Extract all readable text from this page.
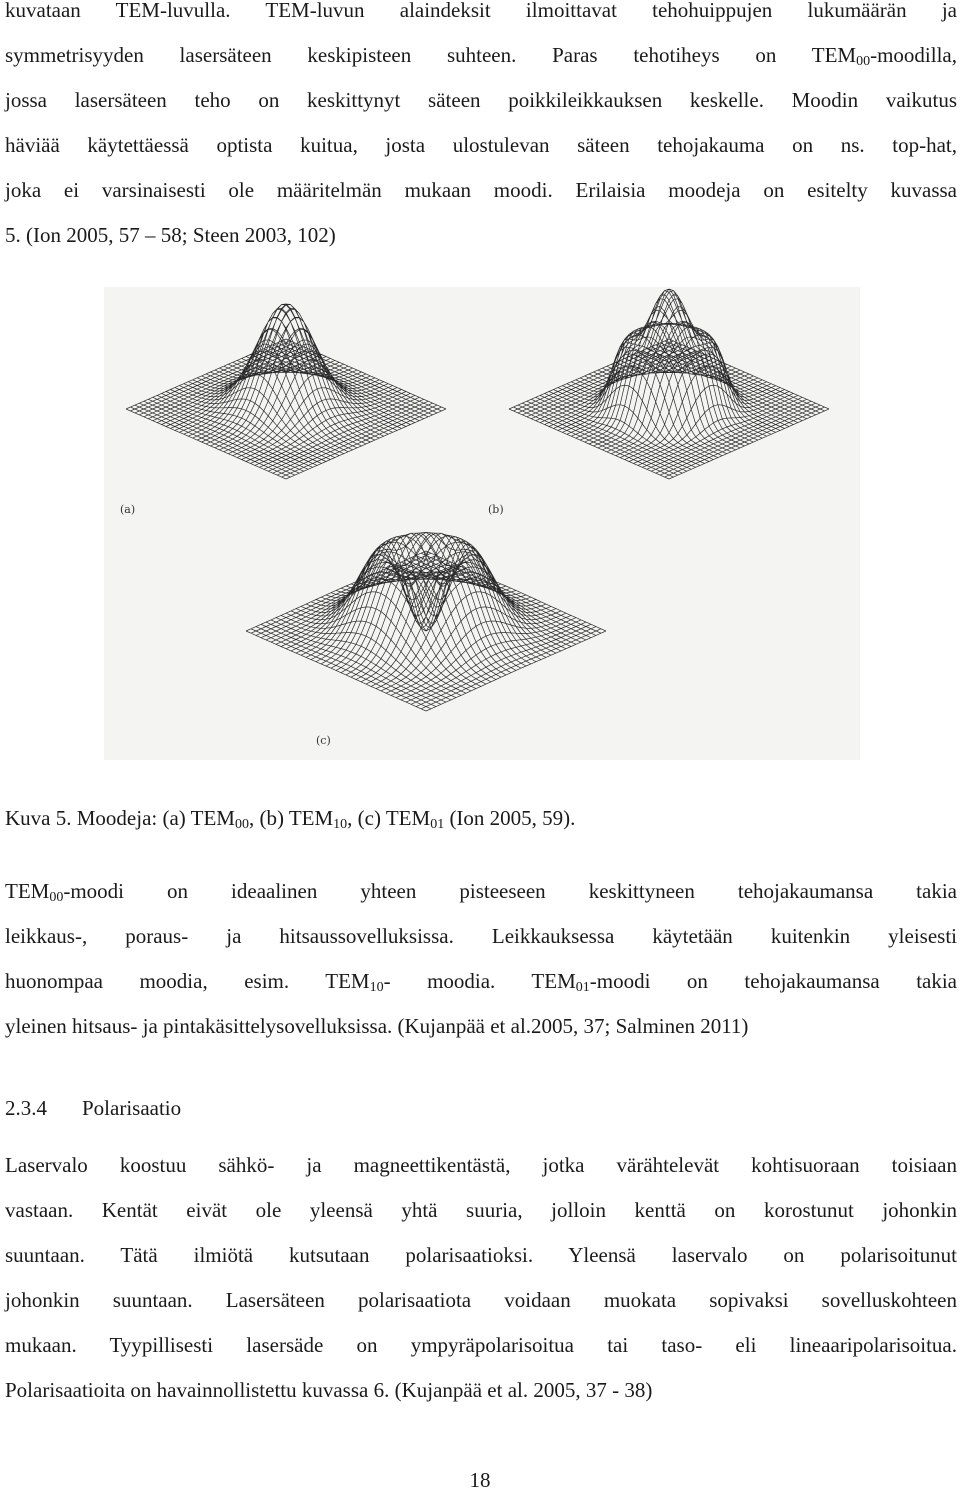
kuvataan TEM-luvulla. TEM-luvun alaindeksit ilmoittavat tehohuippujen lukumäärän ja
symmetrisyyden lasersäteen keskipisteen suhteen. Paras tehotiheys on $TEM_{00}$-moodilla,
jossa lasersäteen teho on keskittynyt säteen poikkileikkauksen keskelle. Moodin vaikutus
häviää käytettäessä optista kuitua, josta ulostulevan säteen tehojakauma on ns. top-hat,
joka ei varsinaisesti ole määritelmän mukaan moodi. Erilaisia moodeja on esitelty kuvassa
5. (Ion 2005, 57 – 58; Steen 2003, 102)
(a)	(b)
(c)
Kuva 5. Moodeja: (a) $TEM_{00}$, (b) $TEM_{10}$, (c) $TEM_{01}$ (Ion 2005, 59).
$TEM_{00}$-moodi on ideaalinen yhteen pisteeseen keskittyneen tehojakaumansa takia
leikkaus-, poraus- ja hitsaussovelluksissa. Leikkauksessa käytetään kuitenkin yleisesti
huonompaa moodia, esim. $TEM_{10}-$ moodia. $TEM_{01}$-moodi on tehojakaumansa takia
yleinen hitsaus- ja pintakäsittelysovelluksissa. (Kujanpää et al.2005, 37; Salminen 2011)
2.3.4 Polarisaatio
Laservalo koostuu sähkö- ja magneettikentästä, jotka värähtelevät kohtisuoraan toisiaan
vastaan. Kentät eivät ole yleensä yhtä suuria, jolloin kenttä on korostunut johonkin
suuntaan. Tätä ilmiötä kutsutaan polarisaatioksi. Yleensä laservalo on polarisoitunut
johonkin suuntaan. Lasersäteen polarisaatiota voidaan muokata sopivaksi sovelluskohteen
mukaan. Tyypillisesti lasersäde on ympyräpolarisoitua tai taso- eli lineaaripolarisoitua.
Polarisaatioita on havainnollistettu kuvassa 6. (Kujanpää et al. 2005, 37 - 38)
18
